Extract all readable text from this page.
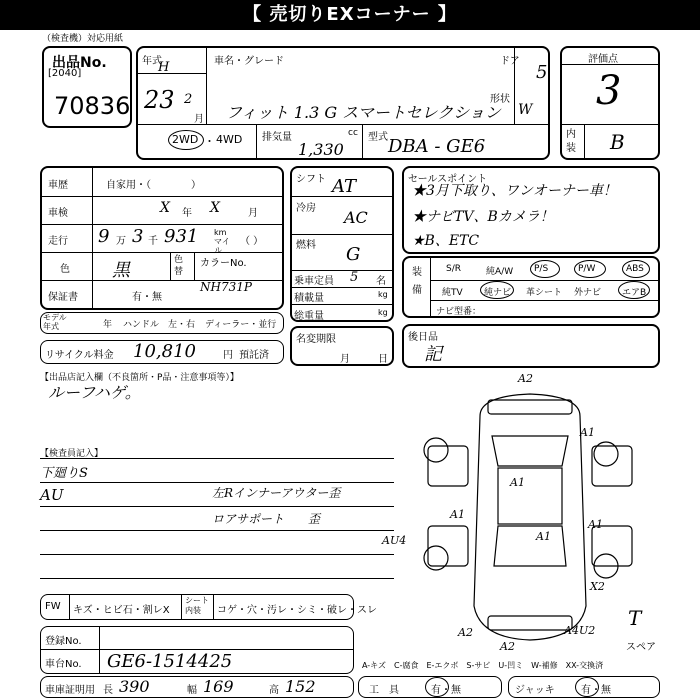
【 売切りEXコーナー 】
（検査機）対応用紙
出品No.
[2040]
70836
年式
H
23 2
月
車名・グレード
フィット 1.3 G スマートセレクション
ドア
5
形状
W
2WD ・ 4WD 排気量	cc
1,330
型式 DBA - GE6
評価点
3
内装 B
車歴	自家用・（　　　　）
車検	X 年 X	月
走行 9 万 3 千 931 km マイル
（ ）
色 黒	色替
カラーNo.
保証書	有・無
NH731P
モデル
年式	年 ハンドル　左・右 ディーラー・並行
リサイクル料金 10,810	円 預託済
シフト AT
冷房 AC
燃料 G
乗車定員 5 名
積載量	kg
総重量	kg
名変期限
月	日
セールスポイント
★3月下取り、ワンオーナー車！
★ナビTV、Bカメラ！
★B、ETC
装備
S/R	純A/W P/S	P/W	ABS
純TV 純ナビ 革シート 外ナビ エアB
ナビ型番：
後日品
記
【出品店記入欄（不良箇所・P品・注意事項等）】
ルーフハゲ。
【検査員記入】
下廻りS
AU	左Rインナーアウター歪
ロアサポート　　歪
A2
A1
A1
A1
A1
A1
AU4
X2
A2	A4U2
A2
T
スペア
FW キズ・ヒビ石・割レX
シート内装	コゲ・穴・汚レ・シミ・破レ・スレ
登録No.
車台No. GE6-1514425
車庫証明用 長 390	幅 169	高 152
A-キズ　C-腐食　E-エクボ　S-サビ　U-凹ミ　W-補修　XX-交換済
工　具	有・無	ジャッキ	有・無
